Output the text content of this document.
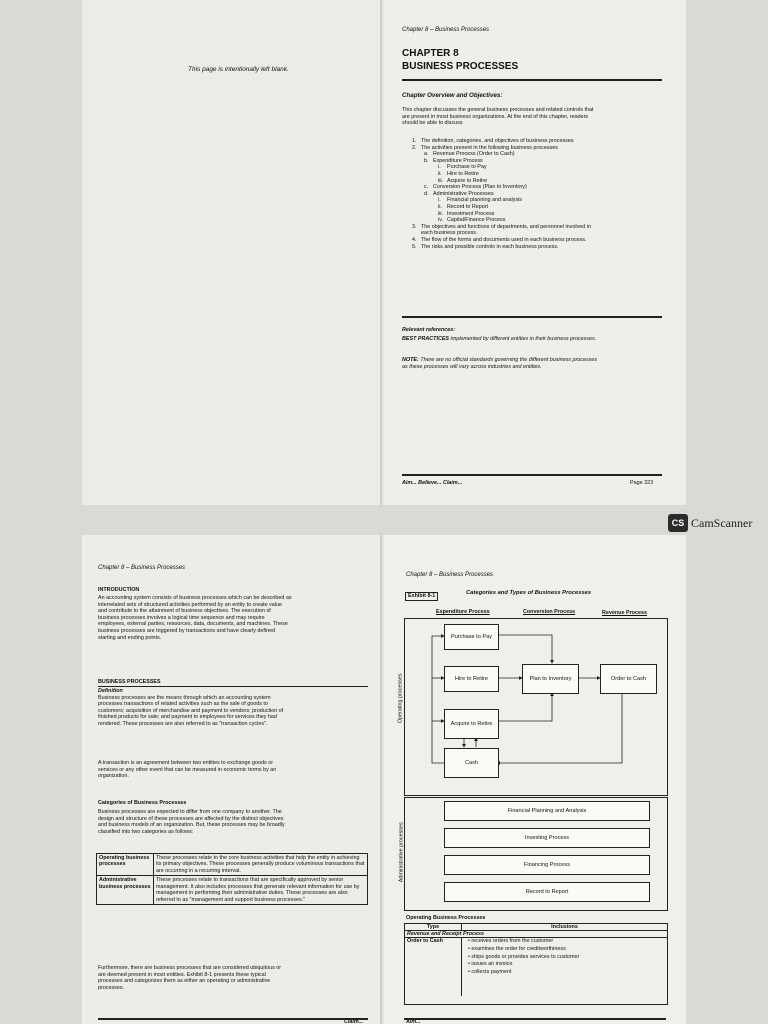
This page is intentionally left blank.
Chapter 8 – Business Processes
CHAPTER 8
BUSINESS PROCESSES
Chapter Overview and Objectives:
This chapter discusses the general business processes and related controls that
are present in most business organizations. At the end of this chapter, readers
should be able to discuss
1. The definition, categories, and objectives of business processes
2. The activities present in the following business processes
a. Revenue Process (Order to Cash)
b. Expenditure Process
i. Purchase to Pay
ii. Hire to Retire
iii. Acquire to Retire
c. Conversion Process (Plan to Inventory)
d. Administrative Processes
i. Financial planning and analysis
ii. Record to Report
iii. Investment Process
iv. Capital/Finance Process
3. The objectives and functions of departments, and personnel involved in
each business process.
4. The flow of the forms and documents used in each business process.
5. The risks and possible controls in each business process.
Relevant references:
BEST PRACTICES implemented by different entities in their business processes.
NOTE: There are no official standards governing the different business processes
as these processes will vary across industries and entities.
Aim... Believe... Claim...	Page 323
CS CamScanner
Chapter 8 – Business Processes
INTRODUCTION
An accounting system consists of business processes which can be described as
interrelated sets of structured activities performed by an entity to create value
and contribute to the attainment of business objectives. The execution of
business processes involves a logical time sequence and may require
employees, external parties, resources, data, documents, and machines. These
business processes are triggered by transactions and have clearly defined
starting and ending points.
BUSINESS PROCESSES
Definition
Business processes are the means through which an accounting system
processes transactions of related activities such as the sale of goods to
customers; acquisition of merchandise and payment to vendors; production of
finished products for sale; and payment to employees for services they had
rendered. These processes are also referred to as "transaction cycles".
A transaction is an agreement between two entities to exchange goods or
services or any other event that can be measured in economic terms by an
organization.
Categories of Business Processes
Business processes are expected to differ from one company to another. The
design and structure of these processes are affected by the distinct objectives
and business models of an organization. But, these processes may be broadly
classified into two categories as follows:
Operating business processes	These processes relate to the core business activities that help the entity in achieving its primary objectives. These processes generally produce voluminous transactions that are occurring in a recurring interval.
Administrative business processes	These processes relate to transactions that are specifically approved by senior management. It also includes processes that generate relevant information for use by management in performing their administrative duties. These processes are also referred to as "management and support business processes."
Furthermore, there are business processes that are considered ubiquitous or
are deemed present in most entities. Exhibit 8-1 presents these typical
processes and categorizes them as either an operating or administrative
processes.
Claim...
Chapter 8 – Business Processes
Exhibit 8-1	Categories and Types of Business Processes
Expenditure Process	Conversion Process	Revenue Process
Operating processes
Purchase to Pay
Hire to Retire	Plan to Inventory	Order to Cash
Acquire to Retire
Cash
Administrative processes
Financial Planning and Analysis
Investing Process
Financing Process
Record to Report
Operating Business Processes
Type	Inclusions
Revenue and Receipt Process
Order to Cash	• receives orders from the customer
• examines the order for creditworthiness
• ships goods or provides services to customer
• issues an invoice
• collects payment
Aim...
